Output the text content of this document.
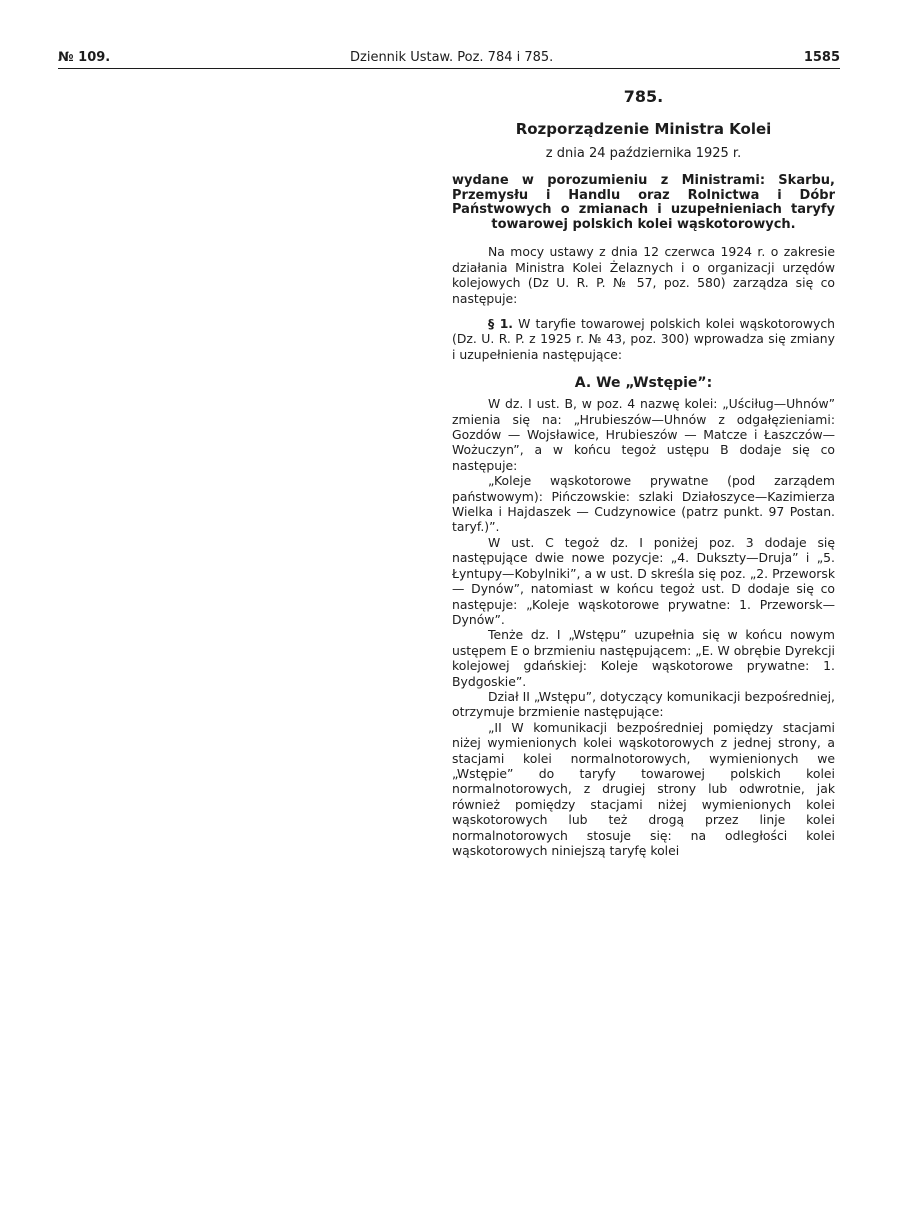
№ 109.	Dziennik Ustaw. Poz. 784 i 785.	1585

785.

Rozporządzenie Ministra Kolei

z dnia 24 października 1925 r.

wydane w porozumieniu z Ministrami: Skarbu, Przemysłu i Handlu oraz Rolnictwa i Dóbr Państwowych o zmianach i uzupełnieniach taryfy towarowej polskich kolei wąskotorowych.

Na mocy ustawy z dnia 12 czerwca 1924 r. o zakresie działania Ministra Kolei Żelaznych i o organizacji urzędów kolejowych (Dz U. R. P. № 57, poz. 580) zarządza się co następuje:

§ 1. W taryfie towarowej polskich kolei wąskotorowych (Dz. U. R. P. z 1925 r. № 43, poz. 300) wprowadza się zmiany i uzupełnienia następujące:

A. We „Wstępie”:

W dz. I ust. B, w poz. 4 nazwę kolei: „Uściług—Uhnów” zmienia się na: „Hrubieszów—Uhnów z odgałęzieniami: Gozdów — Wojsławice, Hrubieszów — Matcze i Łaszczów—Wożuczyn”, a w końcu tegoż ustępu B dodaje się co następuje:

„Koleje wąskotorowe prywatne (pod zarządem państwowym): Pińczowskie: szlaki Działoszyce—Kazimierza Wielka i Hajdaszek — Cudzynowice (patrz punkt. 97 Postan. taryf.)”.

W ust. C tegoż dz. I poniżej poz. 3 dodaje się następujące dwie nowe pozycje: „4. Dukszty—Druja” i „5. Łyntupy—Kobylniki”, a w ust. D skreśla się poz. „2. Przeworsk — Dynów”, natomiast w końcu tegoż ust. D dodaje się co następuje: „Koleje wąskotorowe prywatne: 1. Przeworsk—Dynów”.

Tenże dz. I „Wstępu” uzupełnia się w końcu nowym ustępem E o brzmieniu następującem: „E. W obrębie Dyrekcji kolejowej gdańskiej: Koleje wąskotorowe prywatne: 1. Bydgoskie”.

Dział II „Wstępu”, dotyczący komunikacji bezpośredniej, otrzymuje brzmienie następujące:

„II W komunikacji bezpośredniej pomiędzy stacjami niżej wymienionych kolei wąskotorowych z jednej strony, a stacjami kolei normalnotorowych, wymienionych we „Wstępie” do taryfy towarowej polskich kolei normalnotorowych, z drugiej strony lub odwrotnie, jak również pomiędzy stacjami niżej wymienionych kolei wąskotorowych lub też drogą przez linje kolei normalnotorowych stosuje się: na odległości kolei wąskotorowych niniejszą taryfę kolei
